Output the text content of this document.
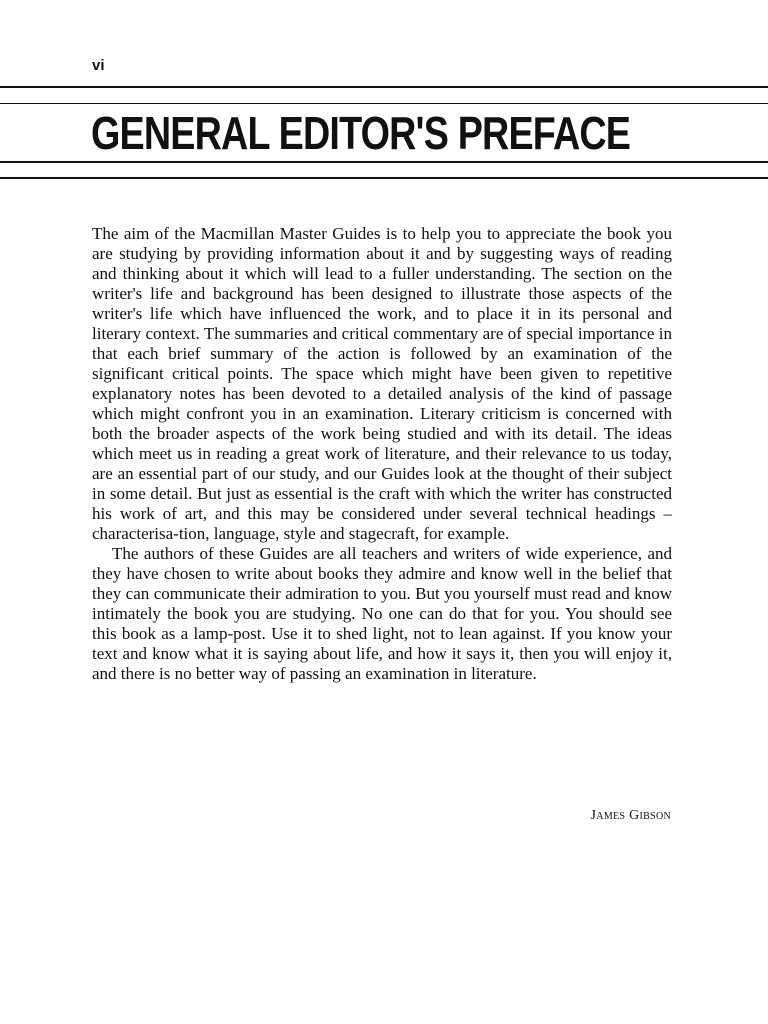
vi
GENERAL EDITOR'S PREFACE

The aim of the Macmillan Master Guides is to help you to appreciate the book you are studying by providing information about it and by suggesting ways of reading and thinking about it which will lead to a fuller understanding. The section on the writer's life and background has been designed to illustrate those aspects of the writer's life which have influenced the work, and to place it in its personal and literary context. The summaries and critical commentary are of special importance in that each brief summary of the action is followed by an examination of the significant critical points. The space which might have been given to repetitive explanatory notes has been devoted to a detailed analysis of the kind of passage which might confront you in an examination. Literary criticism is concerned with both the broader aspects of the work being studied and with its detail. The ideas which meet us in reading a great work of literature, and their relevance to us today, are an essential part of our study, and our Guides look at the thought of their subject in some detail. But just as essential is the craft with which the writer has constructed his work of art, and this may be considered under several technical headings – characterisa-tion, language, style and stagecraft, for example.

The authors of these Guides are all teachers and writers of wide experience, and they have chosen to write about books they admire and know well in the belief that they can communicate their admiration to you. But you yourself must read and know intimately the book you are studying. No one can do that for you. You should see this book as a lamp-post. Use it to shed light, not to lean against. If you know your text and know what it is saying about life, and how it says it, then you will enjoy it, and there is no better way of passing an examination in literature.

James Gibson
